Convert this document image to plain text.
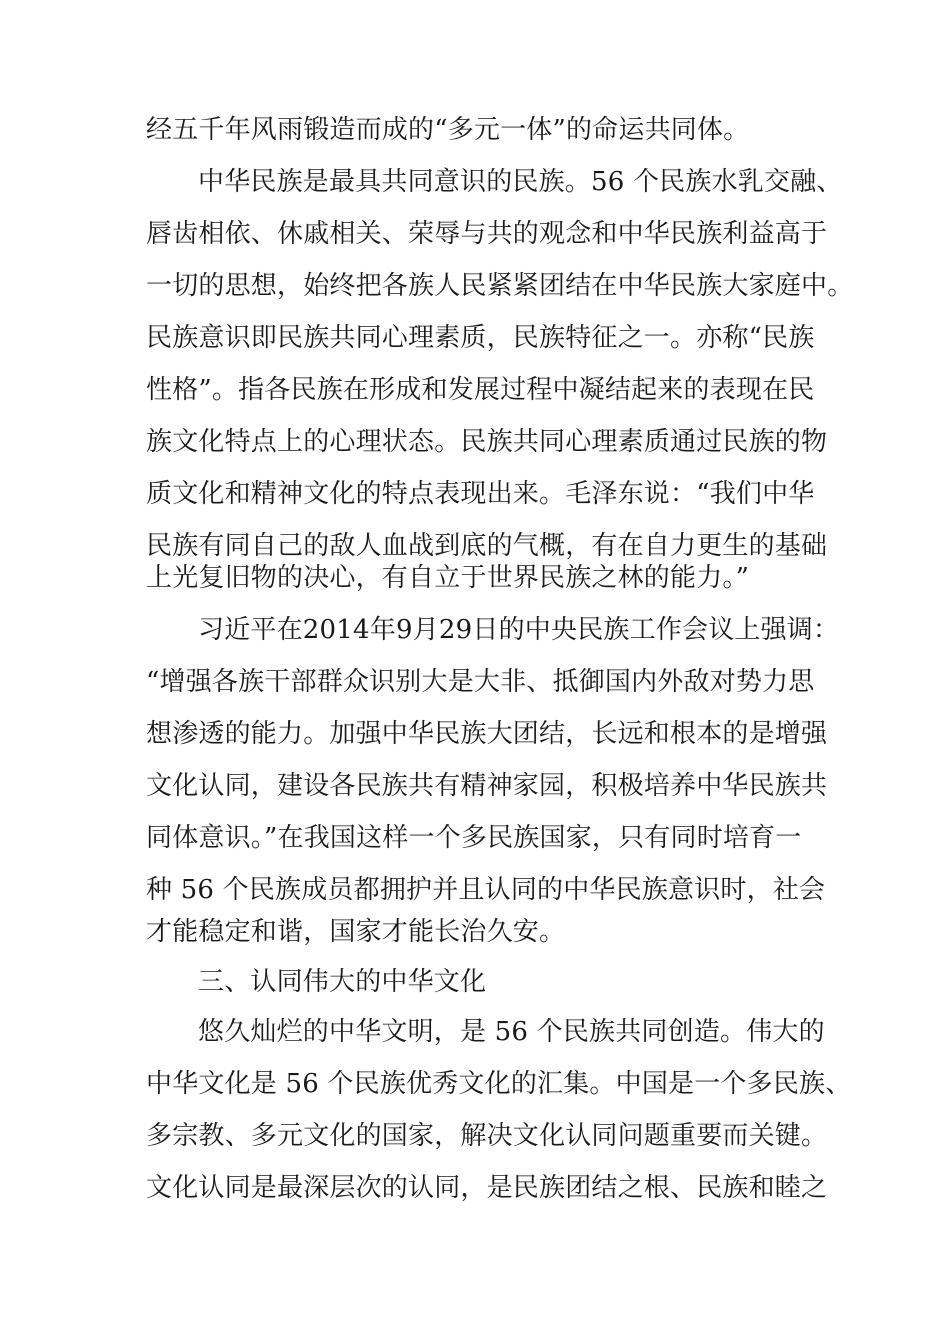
经五千年风雨锻造而成的“多元一体”的命运共同体。
中华民族是最具共同意识的民族。56 个民族水乳交融、
唇齿相依、休戚相关、荣辱与共的观念和中华民族利益高于
一切的思想，始终把各族人民紧紧团结在中华民族大家庭中。
民族意识即民族共同心理素质，民族特征之一。亦称“民族
性格”。指各民族在形成和发展过程中凝结起来的表现在民
族文化特点上的心理状态。民族共同心理素质通过民族的物
质文化和精神文化的特点表现出来。毛泽东说：“我们中华
民族有同自己的敌人血战到底的气概，有在自力更生的基础
上光复旧物的决心，有自立于世界民族之林的能力。”
习近平在2014年9月29日的中央民族工作会议上强调：
“增强各族干部群众识别大是大非、抵御国内外敌对势力思
想渗透的能力。加强中华民族大团结，长远和根本的是增强
文化认同，建设各民族共有精神家园，积极培养中华民族共
同体意识。”在我国这样一个多民族国家，只有同时培育一
种 56 个民族成员都拥护并且认同的中华民族意识时，社会
才能稳定和谐，国家才能长治久安。
三、认同伟大的中华文化
悠久灿烂的中华文明，是 56 个民族共同创造。伟大的
中华文化是 56 个民族优秀文化的汇集。中国是一个多民族、
多宗教、多元文化的国家，解决文化认同问题重要而关键。
文化认同是最深层次的认同，是民族团结之根、民族和睦之
